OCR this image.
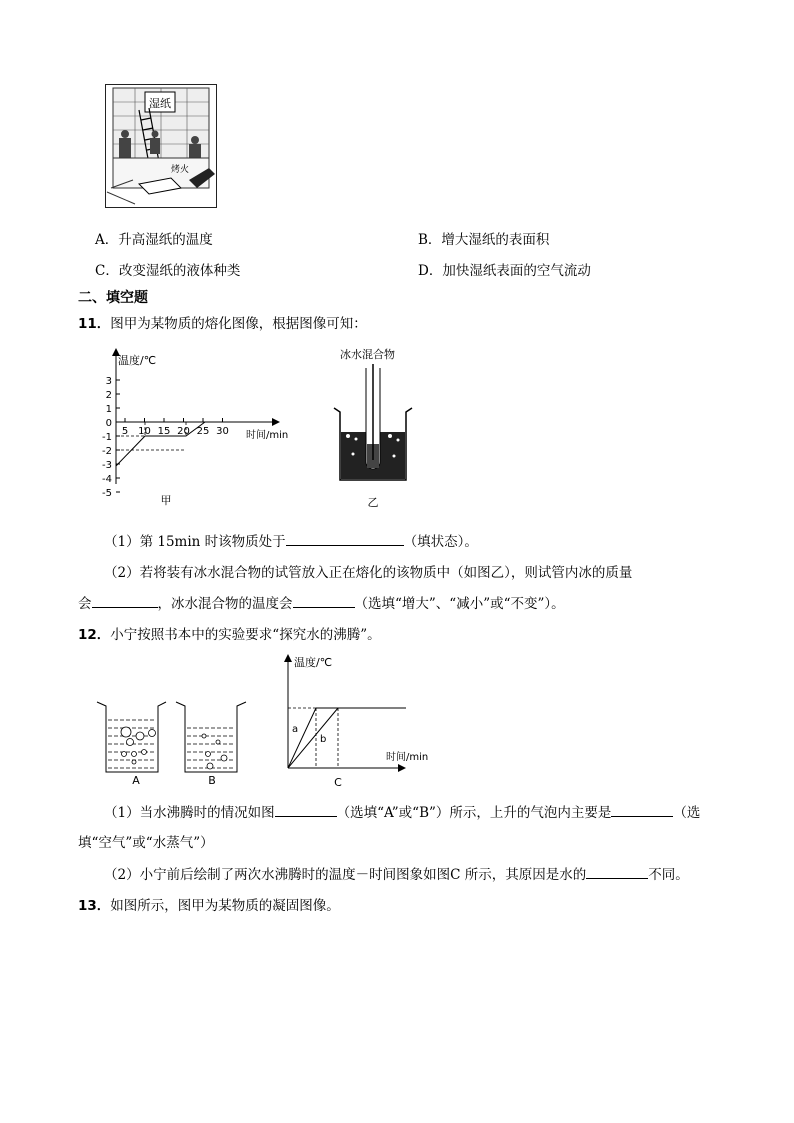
湿纸
烤火
A．升高湿纸的温度	B．增大湿纸的表面积
C．改变湿纸的液体种类	D．加快湿纸表面的空气流动
二、填空题
11．图甲为某物质的熔化图像，根据图像可知：
温度/℃
时间/min
3
2
1
0
-1
-2
-3
-4
-5
5 10 15 20 25 30
甲
冰水混合物
乙
（1）第 15min 时该物质处于	（填状态）。
（2）若将装有冰水混合物的试管放入正在熔化的该物质中（如图乙），则试管内冰的质量
会	，冰水混合物的温度会	（选填“增大”、“减小”或“不变”）。
12．小宁按照书本中的实验要求“探究水的沸腾”。
A	B
温度/℃
时间/min
a
b
C
（1）当水沸腾时的情况如图	（选填“A”或“B”）所示，上升的气泡内主要是	（选
填“空气”或“水蒸气”）
（2）小宁前后绘制了两次水沸腾时的温度－时间图象如图C 所示，其原因是水的	不同。
13．如图所示，图甲为某物质的凝固图像。
